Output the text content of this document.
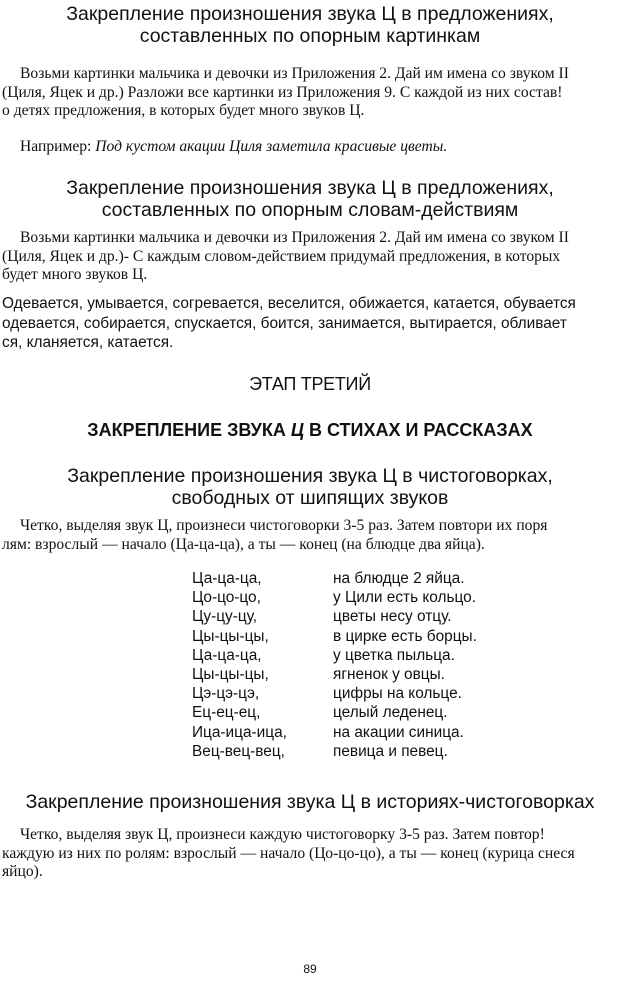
Закрепление произношения звука Ц в предложениях,
составленных по опорным картинкам
Возьми картинки мальчика и девочки из Приложения 2. Дай им имена со звуком II
(Циля, Яцек и др.) Разложи все картинки из Приложения 9. С каждой из них состав!
о детях предложения, в которых будет много звуков Ц.
Например: Под кустом акации Циля заметила красивые цветы.
Закрепление произношения звука Ц в предложениях,
составленных по опорным словам-действиям
Возьми картинки мальчика и девочки из Приложения 2. Дай им имена со звуком II
(Циля, Яцек и др.)- С каждым словом-действием придумай предложения, в которых
будет много звуков Ц.
Одевается, умывается, согревается, веселится, обижается, катается, обувается
одевается, собирается, спускается, боится, занимается, вытирается, обливает
ся, кланяется, катается.
ЭТАП ТРЕТИЙ
ЗАКРЕПЛЕНИЕ ЗВУКА Ц В СТИХАХ И РАССКАЗАХ
Закрепление произношения звука Ц в чистоговорках,
свободных от шипящих звуков
Четко, выделяя звук Ц, произнеси чистоговорки 3-5 раз. Затем повтори их поря
лям: взрослый — начало (Ца-ца-ца), а ты — конец (на блюдце два яйца).
Ца-ца-ца,	на блюдце 2 яйца.
Цо-цо-цо,	у Цили есть кольцо.
Цу-цу-цу,	цветы несу отцу.
Цы-цы-цы,	в цирке есть борцы.
Ца-ца-ца,	у цветка пыльца.
Цы-цы-цы,	ягненок у овцы.
Цэ-цэ-цэ,	цифры на кольце.
Ец-ец-ец,	целый леденец.
Ица-ица-ица,	на акации синица.
Вец-вец-вец,	певица и певец.
Закрепление произношения звука Ц в историях-чистоговорках
Четко, выделяя звук Ц, произнеси каждую чистоговорку 3-5 раз. Затем повтор!
каждую из них по ролям: взрослый — начало (Цо-цо-цо), а ты — конец (курица снеся
яйцо).
89
